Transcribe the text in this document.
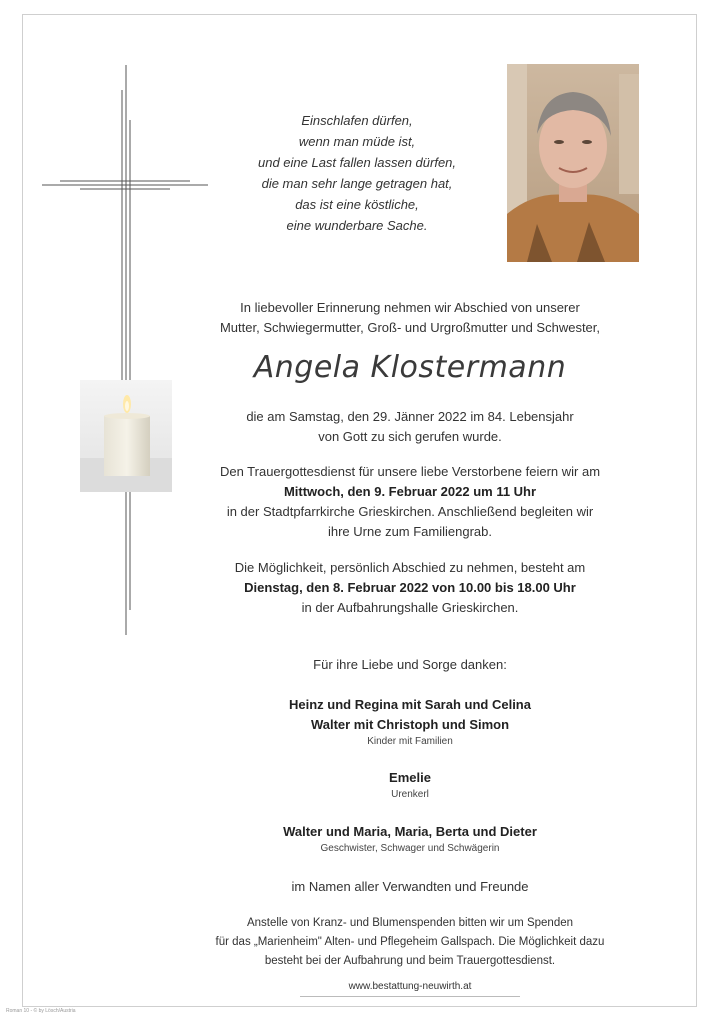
Einschlafen dürfen,
wenn man müde ist,
und eine Last fallen lassen dürfen,
die man sehr lange getragen hat,
das ist eine köstliche,
eine wunderbare Sache.
In liebevoller Erinnerung nehmen wir Abschied von unserer
Mutter, Schwiegermutter, Groß- und Urgroßmutter und Schwester,
Angela Klostermann
die am Samstag, den 29. Jänner 2022 im 84. Lebensjahr
von Gott zu sich gerufen wurde.
Den Trauergottesdienst für unsere liebe Verstorbene feiern wir am
Mittwoch, den 9. Februar 2022 um 11 Uhr
in der Stadtpfarrkirche Grieskirchen. Anschließend begleiten wir
ihre Urne zum Familiengrab.
Die Möglichkeit, persönlich Abschied zu nehmen, besteht am
Dienstag, den 8. Februar 2022 von 10.00 bis 18.00 Uhr
in der Aufbahrungshalle Grieskirchen.
Für ihre Liebe und Sorge danken:
Heinz und Regina mit Sarah und Celina
Walter mit Christoph und Simon
Kinder mit Familien
Emelie
Urenkerl
Walter und Maria, Maria, Berta und Dieter
Geschwister, Schwager und Schwägerin
im Namen aller Verwandten und Freunde
Anstelle von Kranz- und Blumenspenden bitten wir um Spenden
für das „Marienheim" Alten- und Pflegeheim Gallspach. Die Möglichkeit dazu
besteht bei der Aufbahrung und beim Trauergottesdienst.
www.bestattung-neuwirth.at
Roman 10 - © by Lösch/Austria
